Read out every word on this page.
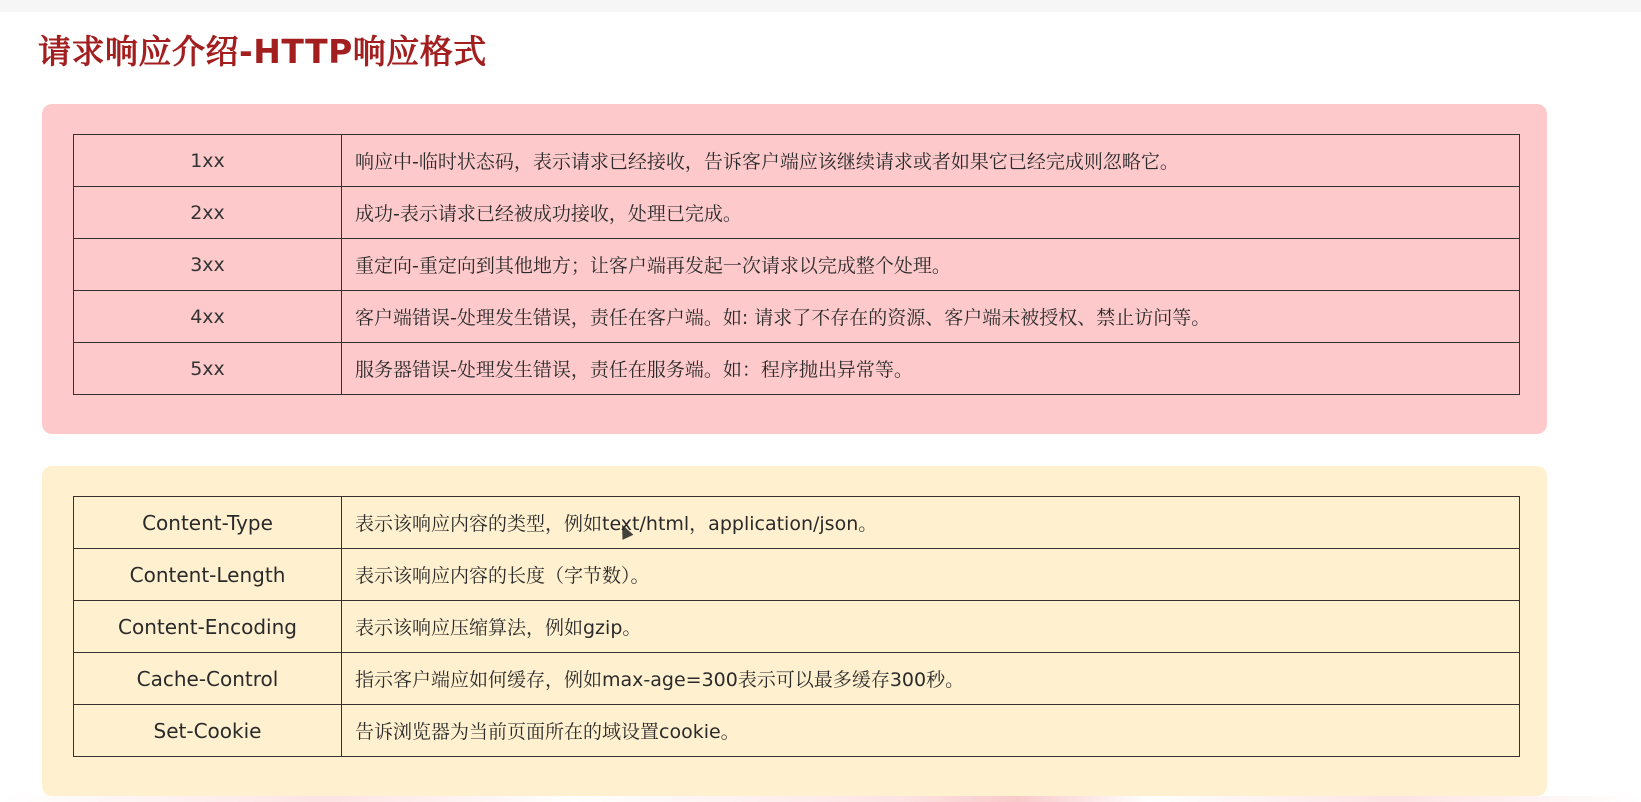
请求响应介绍-HTTP响应格式
1xx	响应中-临时状态码，表示请求已经接收，告诉客户端应该继续请求或者如果它已经完成则忽略它。
2xx	成功-表示请求已经被成功接收，处理已完成。
3xx	重定向-重定向到其他地方；让客户端再发起一次请求以完成整个处理。
4xx	客户端错误-处理发生错误，责任在客户端。如: 请求了不存在的资源、客户端未被授权、禁止访问等。
5xx	服务器错误-处理发生错误，责任在服务端。如：程序抛出异常等。
Content-Type	表示该响应内容的类型，例如text/html，application/json。
Content-Length	表示该响应内容的长度（字节数）。
Content-Encoding	表示该响应压缩算法，例如gzip。
Cache-Control	指示客户端应如何缓存，例如max-age=300表示可以最多缓存300秒。
Set-Cookie	告诉浏览器为当前页面所在的域设置cookie。
